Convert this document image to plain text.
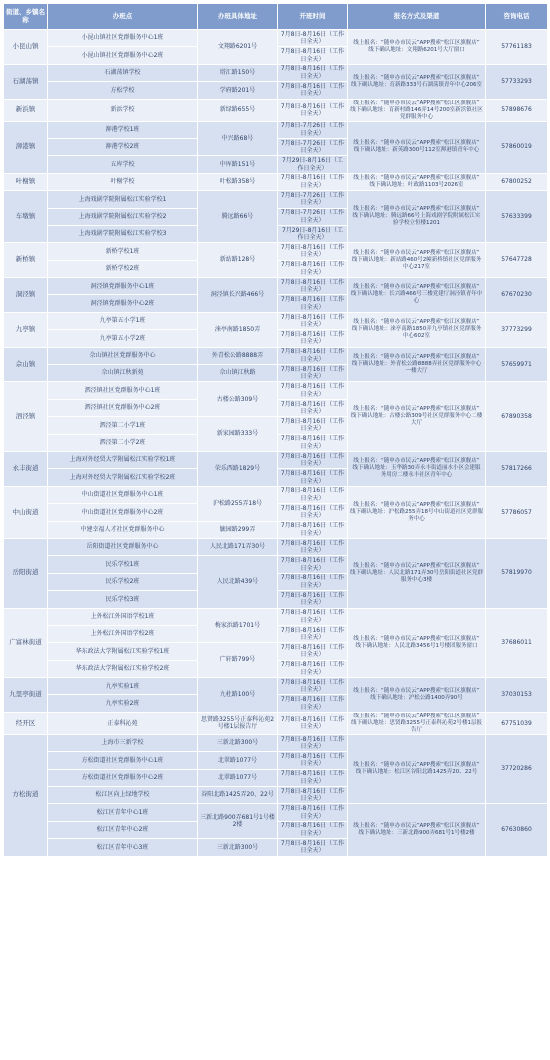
街道、乡镇名称	办班点	办班具体地址	开班时间	报名方式及渠道	咨询电话
小昆山镇	小昆山镇社区党群服务中心1班	文翔路6201号	7月8日-8月16日（工作日全天）	线上报名：“随申办市民云”APP搜索“松江区旗舰店” 线下确认地址：文翔路6201号大厅窗口	57761183
	小昆山镇社区党群服务中心2班		7月8日-8月16日（工作日全天）		
石湖荡镇	石湖荡镇学校	塔汇路150号	7月8日-8月16日（工作日全天）	线上报名：“随申办市民云”APP搜索“松江区旗舰店” 线下确认地址：育新路333号石湖荡镇青年中心206室	57733293
	方松学校	学府路201号	7月8日-8月16日（工作日全天）		
新浜镇	新浜学校	新绿路655号	7月8日-8月16日（工作日全天）	线上报名：“随申办市民云”APP搜索“松江区旗舰店” 线下确认地址：育新村路146弄14号200室新浜镇社区党群服务中心	57898676
泖港镇	泖港学校1班	中兴路68号	7月8日-7月26日（工作日全天）	线上报名：“随申办市民云”APP搜索“松江区旗舰店” 线下确认地址：新英路300号112室泖港镇青年中心	57860019
	泖港学校2班		7月8日-7月26日（工作日全天）		
	五库学校	中厍路151号	7月29日-8月16日（工作日全天）		
叶榭镇	叶榭学校	叶松路358号	7月8日-8月16日（工作日全天）	线上报名：“随申办市民云”APP搜索“松江区旗舰店” 线下确认地址：叶政路1103号2026室	67800252
车墩镇	上海戏剧学院附属松江实验学校1	腾远路66号	7月8日-7月26日（工作日全天）	线上报名：“随申办市民云”APP搜索“松江区旗舰店” 线下确认地址：腾远路66号上海戏剧学院附属松江实验学校立恒楼1201	57633399
	上海戏剧学院附属松江实验学校2		7月8日-7月26日（工作日全天）		
	上海戏剧学院附属松江实验学校3		7月29日-8月16日（工作日全天）		
新桥镇	新桥学校1班	新站路128号	7月8日-8月16日（工作日全天）	线上报名：“随申办市民云”APP搜索“松江区旗舰店” 线下确认地址：新站路460号2幢新桥镇社区党群服务中心217室	57647728
	新桥学校2班		7月8日-8月16日（工作日全天）		
洞泾镇	洞泾镇党群服务中心1班	洞泾镇长兴路466号	7月8日-8月16日（工作日全天）	线上报名：“随申办市民云”APP搜索“松江区旗舰店” 线下确认地址：长兴路466号三楼党建厅洞泾镇青年中心	67670230
	洞泾镇党群服务中心2班		7月8日-8月16日（工作日全天）		
九亭镇	九亭第五小学1班	涞亭南路1850弄	7月8日-8月16日（工作日全天）	线上报名：“随申办市民云”APP搜索“松江区旗舰店” 线下确认地址：涞亭南路1850弄九亭镇社区党群服务中心602室	37773299
	九亭第五小学2班		7月8日-8月16日（工作日全天）		
佘山镇	佘山镇社区党群服务中心	外青松公路8888弄	7月8日-8月16日（工作日全天）	线上报名：“随申办市民云”APP搜索“松江区旗舰店” 线下确认地址：外青松公路8888弄社区党群服务中心一楼大厅	57659971
	佘山镇江秋新苑	佘山镇江秋路	7月8日-8月16日（工作日全天）		
泗泾镇	泗泾镇社区党群服务中心1班	古楼公路309号	7月8日-8月16日（工作日全天）	线上报名：“随申办市民云”APP搜索“松江区旗舰店” 线下确认地址：古楼公路309号社区党群服务中心二楼大厅	67890358
	泗泾镇社区党群服务中心2班		7月8日-8月16日（工作日全天）		
	泗泾第二小学1班	新家园路333号	7月8日-8月16日（工作日全天）		
	泗泾第二小学2班		7月8日-8月16日（工作日全天）		
永丰街道	上海对外经贸大学附属松江实验学校1班	荣乐西路1829号	7月8日-8月16日（工作日全天）	线上报名：“随申办市民云”APP搜索“松江区旗舰店” 线下确认地址：玉华路30弄永丰街道丽水小区会建服务用房二楼永丰社区青年中心	57817266
	上海对外经贸大学附属松江实验学校2班		7月8日-8月16日（工作日全天）		
中山街道	中山街道社区党群服务中心1班	沪松路255弄18号	7月8日-8月16日（工作日全天）	线上报名：“随申办市民云”APP搜索“松江区旗舰店” 线下确认地址：沪松路255弄18号中山街道社区党群服务中心	57786057
	中山街道社区党群服务中心2班		7月8日-8月16日（工作日全天）		
	中建幸福人才社区党群服务中心	毓园路299弄	7月8日-8月16日（工作日全天）		
岳阳街道	岳阳街道社区党群服务中心	人民北路171弄30号	7月8日-8月16日（工作日全天）	线上报名：“随申办市民云”APP搜索“松江区旗舰店” 线下确认地址：人民北路171弄30号岳阳街道社区党群服务中心3楼	57819970
	民乐学校1班	人民北路439号	7月8日-8月16日（工作日全天）		
	民乐学校2班		7月8日-8月16日（工作日全天）		
	民乐学校3班		7月8日-8月16日（工作日全天）		
广富林街道	上外松江外国语学校1班	梅家浜路1701号	7月8日-8月16日（工作日全天）	线上报名：“随申办市民云”APP搜索“松江区旗舰店” 线下确认地址：人民北路3456号1号楼团服务窗口	37686011
	上外松江外国语学校2班		7月8日-8月16日（工作日全天）		
	华东政法大学附属松江实验学校1班	广轩路799号	7月8日-8月16日（工作日全天）		
	华东政法大学附属松江实验学校2班		7月8日-8月16日（工作日全天）		
九里亭街道	九亭实验1班	九杜路100号	7月8日-8月16日（工作日全天）	线上报名：“随申办市民云”APP搜索“松江区旗舰店” 线下确认地址：沪松公路1400弄90号	37030153
	九亭实验2班		7月8日-8月16日（工作日全天）		
经开区	正泰科沁苑	思贤路3255号正泰科沁苑2号楼1层报告厅	7月8日-8月16日（工作日全天）	线上报名：“随申办市民云”APP搜索“松江区旗舰店” 线下确认地址：思贤路3255号正泰科沁苑2号楼1层报告厅	67751039
方松街道	上海市三新学校	三新北路300号	7月8日-8月16日（工作日全天）	线上报名：“随申办市民云”APP搜索“松江区旗舰店” 线下确认地址：松江区谷阳北路1425弄20、22号	37720286
	方松街道社区党群服务中心1班	北翠路1077号	7月8日-8月16日（工作日全天）		
	方松街道社区党群服务中心2班	北翠路1077号	7月8日-8月16日（工作日全天）		
	松江区向上绿地学校	谷阳北路1425弄20、22号	7月8日-8月16日（工作日全天）		
	松江区青年中心1班	三新北路900弄681号1号楼2楼	7月8日-8月16日（工作日全天）	线上报名：“随申办市民云”APP搜索“松江区旗舰店” 线下确认地址：三新北路900弄681号1号楼2楼	67630860
	松江区青年中心2班		7月8日-8月16日（工作日全天）		
	松江区青年中心3班	三新北路300号	7月8日-8月16日（工作日全天）		
